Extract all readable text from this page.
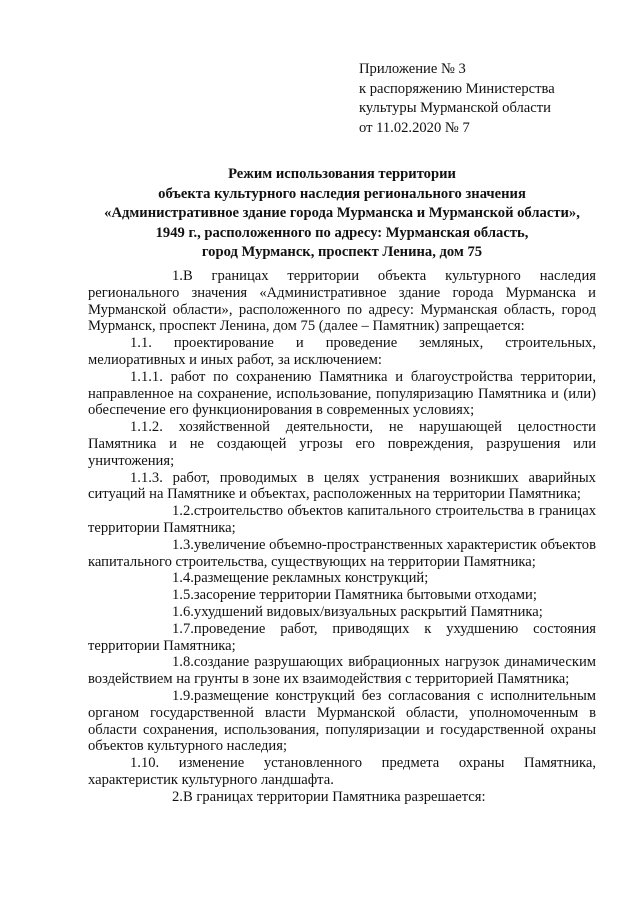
Приложение № 3
к распоряжению Министерства
культуры Мурманской области
от 11.02.2020 № 7
Режим использования территории
объекта культурного наследия регионального значения
«Административное здание города Мурманска и Мурманской области»,
1949 г., расположенного по адресу: Мурманская область,
город Мурманск, проспект Ленина, дом 75

1.В границах территории объекта культурного наследия регионального значения «Административное здание города Мурманска и Мурманской области», расположенного по адресу: Мурманская область, город Мурманск, проспект Ленина, дом 75 (далее – Памятник) запрещается:

1.1. проектирование и проведение земляных, строительных, мелиоративных и иных работ, за исключением:

1.1.1. работ по сохранению Памятника и благоустройства территории, направленное на сохранение, использование, популяризацию Памятника и (или) обеспечение его функционирования в современных условиях;

1.1.2. хозяйственной деятельности, не нарушающей целостности Памятника и не создающей угрозы его повреждения, разрушения или уничтожения;

1.1.3. работ, проводимых в целях устранения возникших аварийных ситуаций на Памятнике и объектах, расположенных на территории Памятника;

1.2.строительство объектов капитального строительства в границах территории Памятника;

1.3.увеличение объемно-пространственных характеристик объектов капитального строительства, существующих на территории Памятника;

1.4.размещение рекламных конструкций;

1.5.засорение территории Памятника бытовыми отходами;

1.6.ухудшений видовых/визуальных раскрытий Памятника;

1.7.проведение работ, приводящих к ухудшению состояния территории Памятника;

1.8.создание разрушающих вибрационных нагрузок динамическим воздействием на грунты в зоне их взаимодействия с территорией Памятника;

1.9.размещение конструкций без согласования с исполнительным органом государственной власти Мурманской области, уполномоченным в области сохранения, использования, популяризации и государственной охраны объектов культурного наследия;

1.10. изменение установленного предмета охраны Памятника, характеристик культурного ландшафта.

2.В границах территории Памятника разрешается:
